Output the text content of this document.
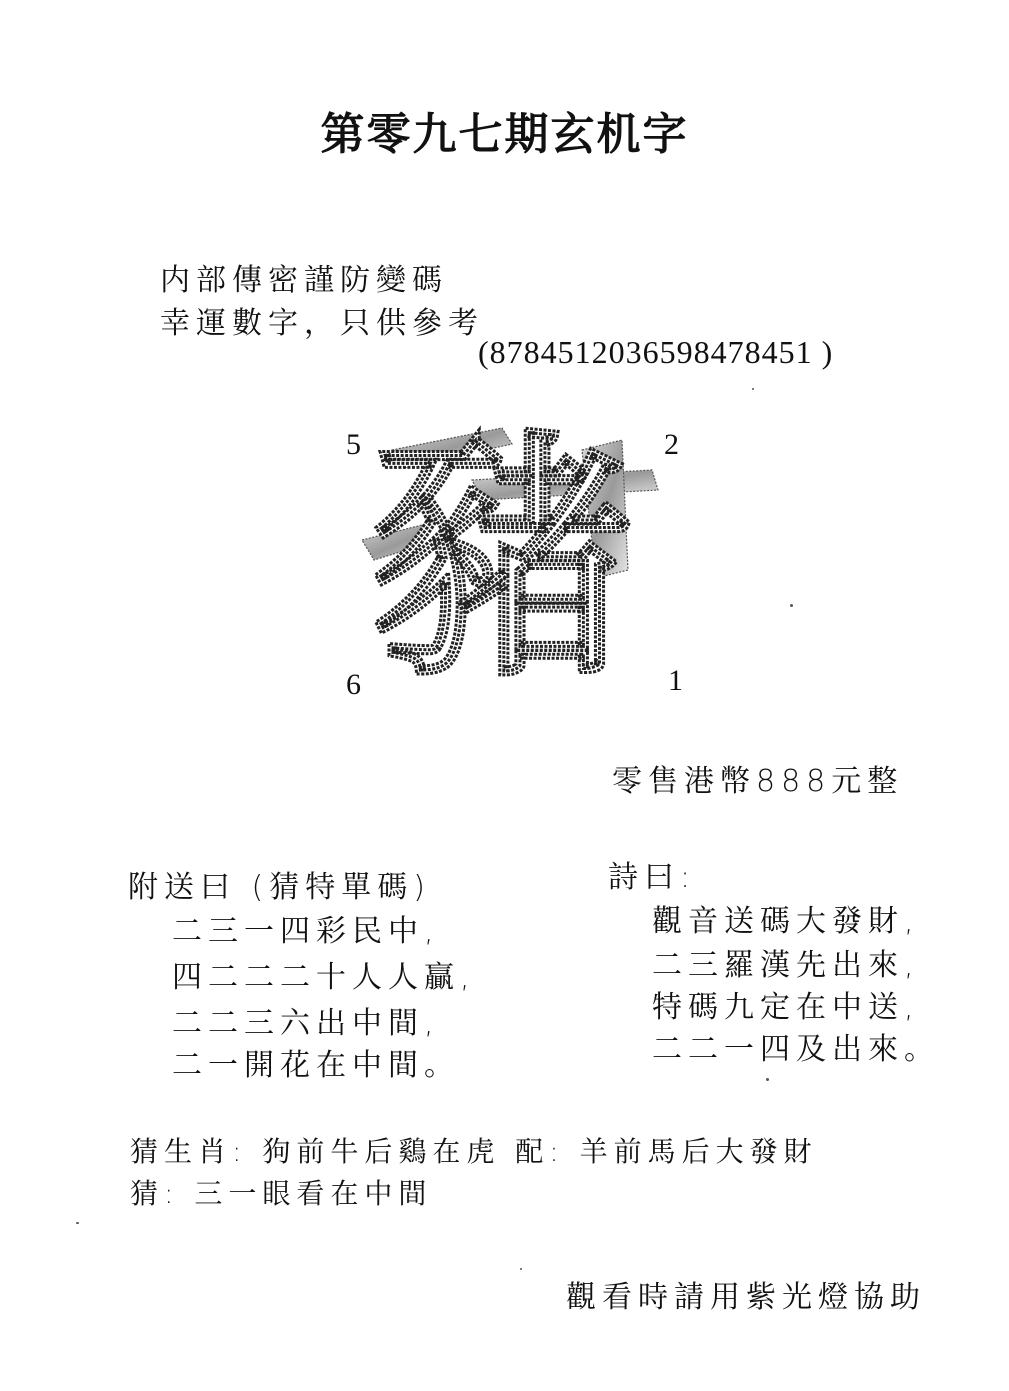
第零九七期玄机字
内部傳密謹防變碼
幸運數字，只供參考
(8784512036598478451 )
5	2
6	1
豬
零售港幣888元整
附送曰 (猜特單碼)
二三一四彩民中,
四二二二十人人贏,
二二三六出中間,
二一開花在中間。
詩曰:
觀音送碼大發財,
二三羅漢先出來,
特碼九定在中送,
二二一四及出來。
猜生肖: 狗前牛后鷄在虎 配: 羊前馬后大發財
猜: 三一眼看在中間
觀看時請用紫光燈協助
